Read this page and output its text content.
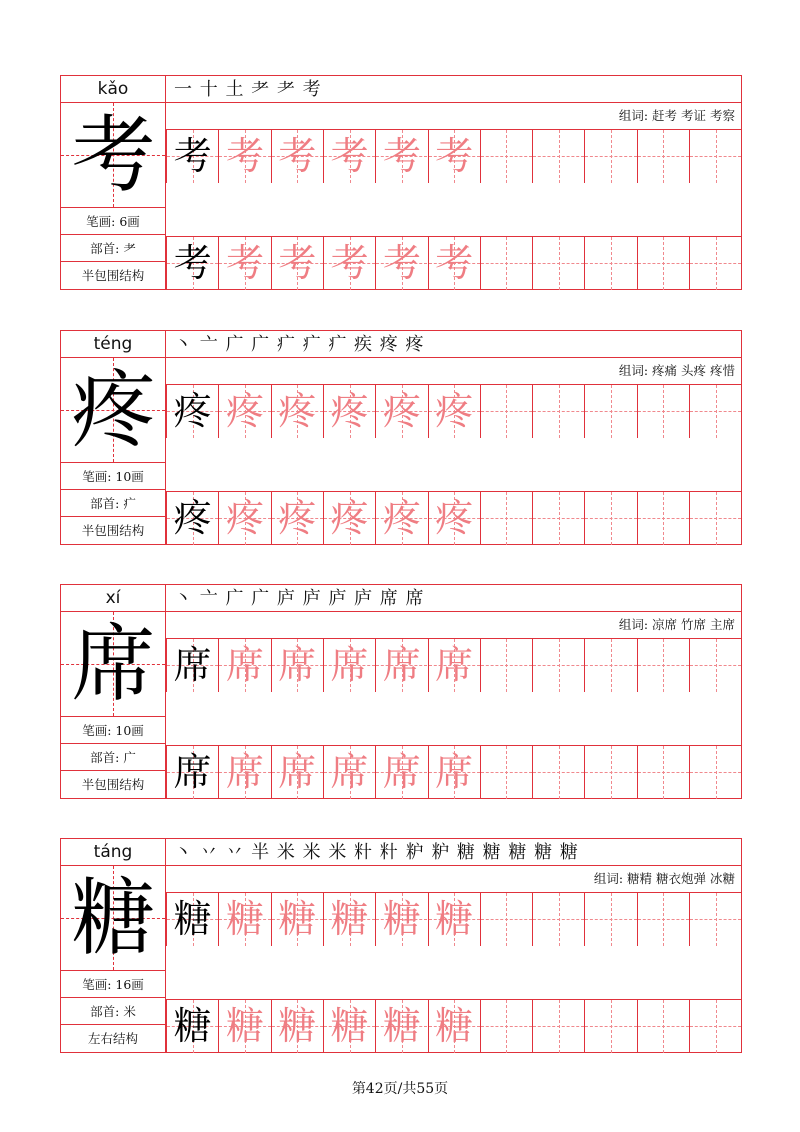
kǎo	一 十 土 耂 耂 考
组词: 赶考 考证 考察
考
笔画: 6画
部首: 耂
半包围结构
考 考 考 考 考 考
考 考 考 考 考 考
téng	丶 亠 广 广 疒 疒 疒 疾 疼 疼
组词: 疼痛 头疼 疼惜
疼
笔画: 10画
部首: 疒
半包围结构
疼 疼 疼 疼 疼 疼
疼 疼 疼 疼 疼 疼
xí	丶 亠 广 广 庐 庐 庐 庐 席 席
组词: 凉席 竹席 主席
席
笔画: 10画
部首: 广
半包围结构
席 席 席 席 席 席
席 席 席 席 席 席
táng	丶 丷 丷 半 米 米 米 籵 籵 粐 粐 糖 糖 糖 糖 糖
组词: 糖精 糖衣炮弹 冰糖
糖
笔画: 16画
部首: 米
左右结构
糖 糖 糖 糖 糖 糖
糖 糖 糖 糖 糖 糖
第42页/共55页
